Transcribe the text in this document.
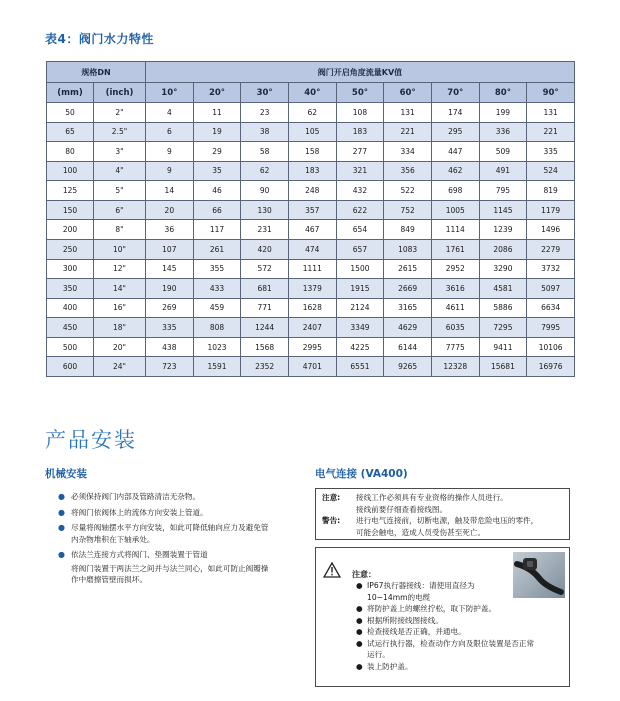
表4：阀门水力特性
规格DN		阀门开启角度流量KV值								
(mm)	(inch)	10°	20°	30°	40°	50°	60°	70°	80°	90°
50	2"	4	11	23	62	108	131	174	199	131
65	2.5"	6	19	38	105	183	221	295	336	221
80	3"	9	29	58	158	277	334	447	509	335
100	4"	9	35	62	183	321	356	462	491	524
125	5"	14	46	90	248	432	522	698	795	819
150	6"	20	66	130	357	622	752	1005	1145	1179
200	8"	36	117	231	467	654	849	1114	1239	1496
250	10"	107	261	420	474	657	1083	1761	2086	2279
300	12"	145	355	572	1111	1500	2615	2952	3290	3732
350	14"	190	433	681	1379	1915	2669	3616	4581	5097
400	16"	269	459	771	1628	2124	3165	4611	5886	6634
450	18"	335	808	1244	2407	3349	4629	6035	7295	7995
500	20"	438	1023	1568	2995	4225	6144	7775	9411	10106
600	24"	723	1591	2352	4701	6551	9265	12328	15681	16976
产品安装
机械安装
● 必须保持阀门内部及管路清洁无杂物。
● 将阀门依阀体上的流体方向安装上管道。
● 尽量将阀轴摆水平方向安装，如此可降低轴向应力及避免管
内杂物堆积在下轴承处。
● 依法兰连接方式将阀门、垫圈装置于管道
将阀门装置于两法兰之间并与法兰同心，如此可防止阀瓣操
作中磨擦管壁而损坏。
电气连接 (VA400)
注意:	接线工作必须具有专业资格的操作人员进行。
接线前要仔细查看接线图。
警告:	进行电气连接前，切断电源，触及带危险电压的零件，
可能会触电，造成人员受伤甚至死亡。
注意：
● IP67执行器接线：请使用直径为
10~14mm的电缆
● 将防护盖上的螺丝拧松，取下防护盖。
● 根据所附接线图接线。
● 检查接线是否正确，并通电。
● 试运行执行器，检查动作方向及限位装置是否正常
运行。
● 装上防护盖。
